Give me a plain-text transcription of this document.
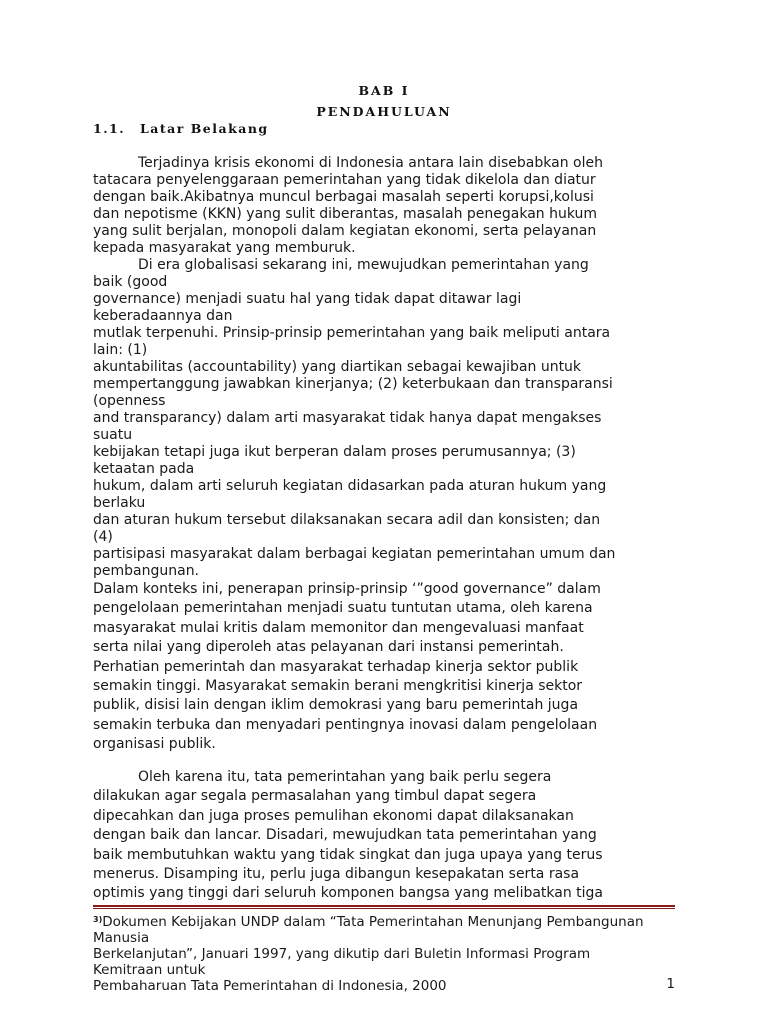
BAB I
PENDAHULUAN
1.1. Latar Belakang

Terjadinya krisis ekonomi di Indonesia antara lain disebabkan oleh

tatacara penyelenggaraan pemerintahan yang tidak dikelola dan diatur

dengan baik.Akibatnya muncul berbagai masalah seperti korupsi,kolusi

dan nepotisme (KKN) yang sulit diberantas, masalah penegakan hukum

yang sulit berjalan, monopoli dalam kegiatan ekonomi, serta pelayanan

kepada masyarakat yang memburuk.

Di era globalisasi sekarang ini, mewujudkan pemerintahan yang

baik (good

governance) menjadi suatu hal yang tidak dapat ditawar lagi

keberadaannya dan

mutlak terpenuhi. Prinsip-prinsip pemerintahan yang baik meliputi antara

lain: (1)

akuntabilitas (accountability) yang diartikan sebagai kewajiban untuk

mempertanggung jawabkan kinerjanya; (2) keterbukaan dan transparansi

(openness

and transparancy) dalam arti masyarakat tidak hanya dapat mengakses

suatu

kebijakan tetapi juga ikut berperan dalam proses perumusannya; (3)

ketaatan pada

hukum, dalam arti seluruh kegiatan didasarkan pada aturan hukum yang

berlaku

dan aturan hukum tersebut dilaksanakan secara adil dan konsisten; dan

(4)

partisipasi masyarakat dalam berbagai kegiatan pemerintahan umum dan

pembangunan.

Dalam konteks ini, penerapan prinsip-prinsip ‘”good governance” dalam

pengelolaan pemerintahan menjadi suatu tuntutan utama, oleh karena

masyarakat mulai kritis dalam memonitor dan mengevaluasi manfaat

serta nilai yang diperoleh atas pelayanan dari instansi pemerintah.

Perhatian pemerintah dan masyarakat terhadap kinerja sektor publik

semakin tinggi. Masyarakat semakin berani mengkritisi kinerja sektor

publik, disisi lain dengan iklim demokrasi yang baru pemerintah juga

semakin terbuka dan menyadari pentingnya inovasi dalam pengelolaan

organisasi publik.

Oleh karena itu, tata pemerintahan yang baik perlu segera

dilakukan agar segala permasalahan yang timbul dapat segera

dipecahkan dan juga proses pemulihan ekonomi dapat dilaksanakan

dengan baik dan lancar. Disadari, mewujudkan tata pemerintahan yang

baik membutuhkan waktu yang tidak singkat dan juga upaya yang terus

menerus. Disamping itu, perlu juga dibangun kesepakatan serta rasa

optimis yang tinggi dari seluruh komponen bangsa yang melibatkan tiga

$^{3)}$Dokumen Kebijakan UNDP dalam “Tata Pemerintahan Menunjang Pembangunan
Manusia
Berkelanjutan”, Januari 1997, yang dikutip dari Buletin Informasi Program
Kemitraan untuk
Pembaharuan Tata Pemerintahan di Indonesia, 2000	1
